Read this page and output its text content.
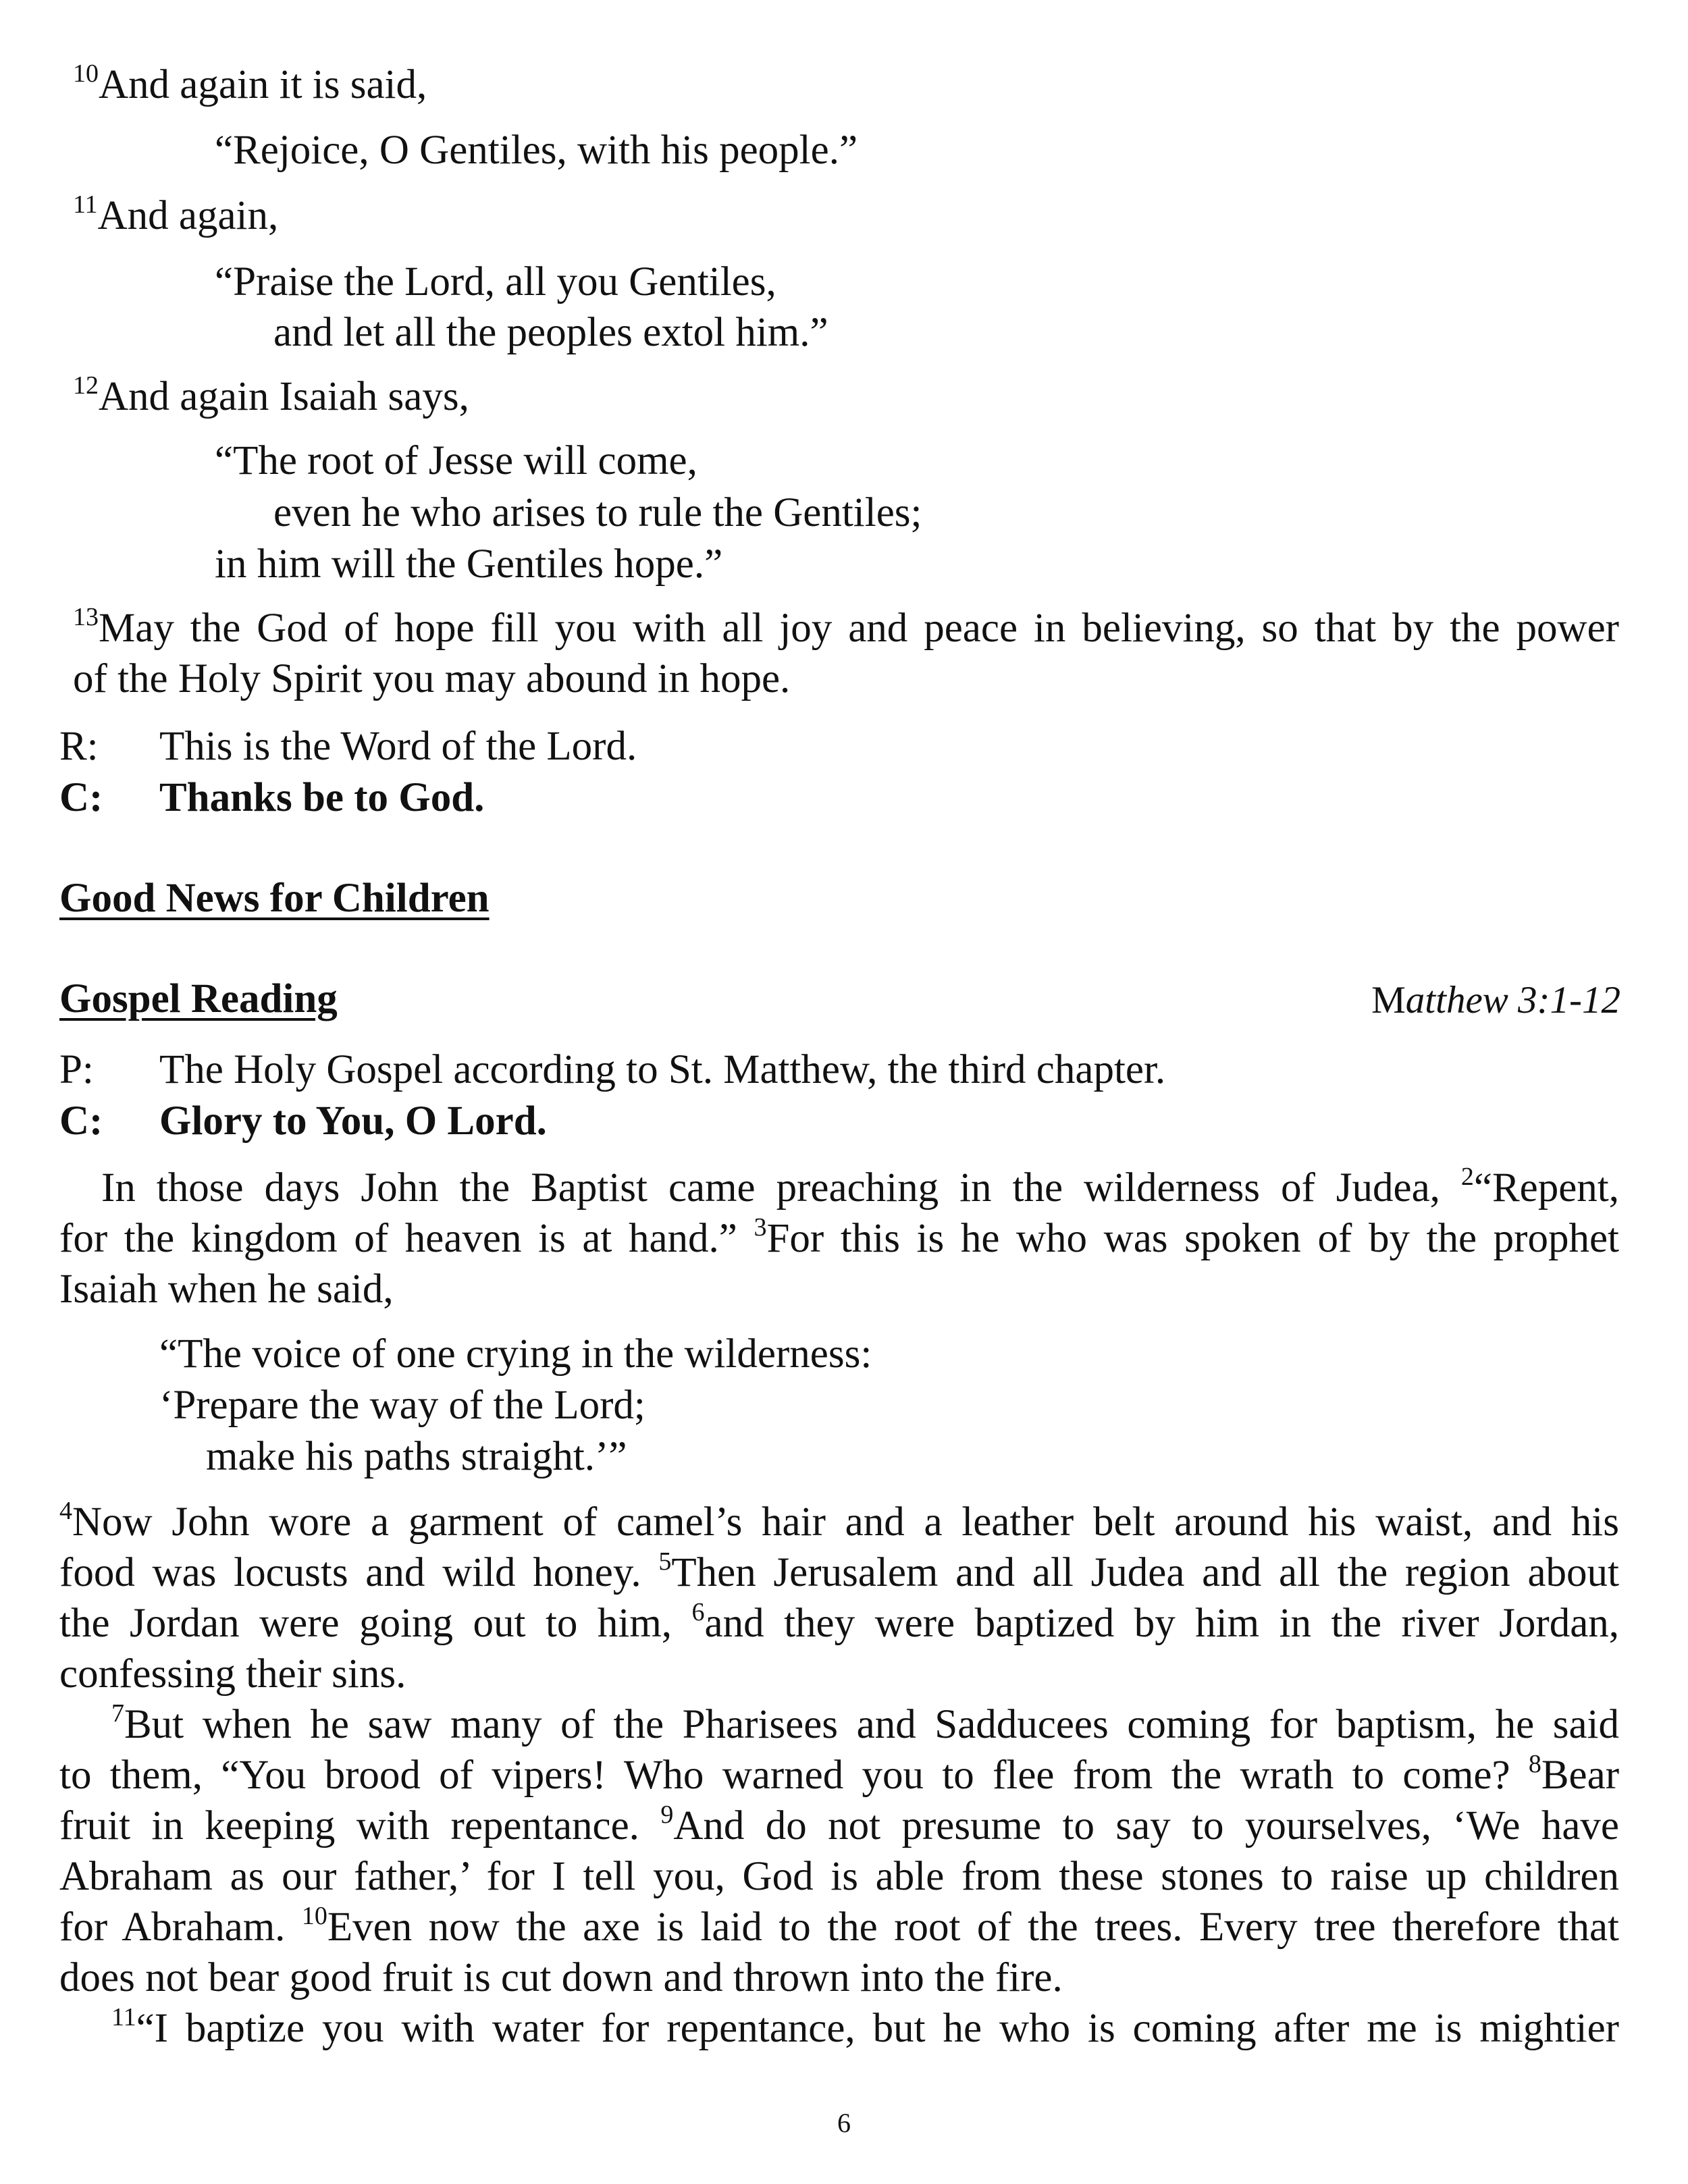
$^{10}$And again it is said,
“Rejoice, O Gentiles, with his people.”
$^{11}$And again,
“Praise the Lord, all you Gentiles,
and let all the peoples extol him.”
$^{12}$And again Isaiah says,
“The root of Jesse will come,
even he who arises to rule the Gentiles;
in him will the Gentiles hope.”
$^{13}$May the God of hope fill you with all joy and peace in believing, so that by the power
of the Holy Spirit you may abound in hope.
R: This is the Word of the Lord.
C: Thanks be to God.
Good News for Children
Gospel Reading	Matthew 3:1-12
P: The Holy Gospel according to St. Matthew, the third chapter.
C: Glory to You, O Lord.
In those days John the Baptist came preaching in the wilderness of Judea, $^2$“Repent,
for the kingdom of heaven is at hand.” $^3$For this is he who was spoken of by the prophet
Isaiah when he said,
“The voice of one crying in the wilderness:
‘Prepare the way of the Lord;
make his paths straight.’”
$^4$Now John wore a garment of camel’s hair and a leather belt around his waist, and his
food was locusts and wild honey. $^5$Then Jerusalem and all Judea and all the region about
the Jordan were going out to him, $^6$and they were baptized by him in the river Jordan,
confessing their sins.
$^7$But when he saw many of the Pharisees and Sadducees coming for baptism, he said
to them, “You brood of vipers! Who warned you to flee from the wrath to come? $^8$Bear
fruit in keeping with repentance. $^9$And do not presume to say to yourselves, ‘We have
Abraham as our father,’ for I tell you, God is able from these stones to raise up children
for Abraham. $^{10}$Even now the axe is laid to the root of the trees. Every tree therefore that
does not bear good fruit is cut down and thrown into the fire.
$^{11}$“I baptize you with water for repentance, but he who is coming after me is mightier
6
